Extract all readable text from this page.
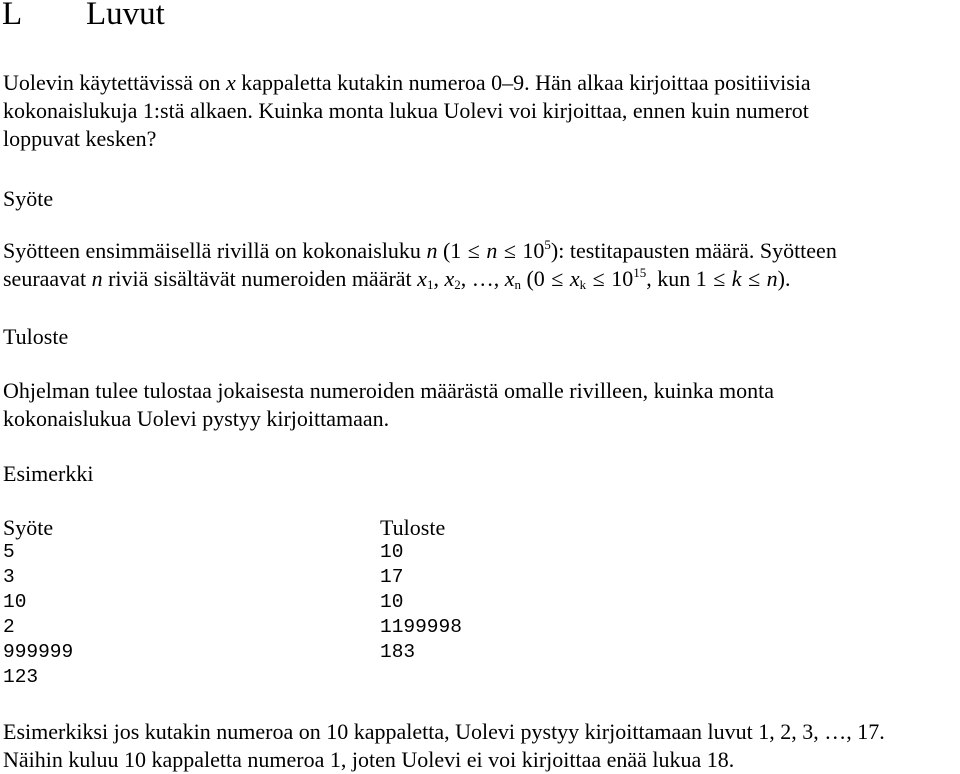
L Luvut
Uolevin käytettävissä on x kappaletta kutakin numeroa 0–9. Hän alkaa kirjoittaa positiivisia
kokonaislukuja 1:stä alkaen. Kuinka monta lukua Uolevi voi kirjoittaa, ennen kuin numerot
loppuvat kesken?
Syöte
Syötteen ensimmäisellä rivillä on kokonaisluku n $(1 \le n \le 10^5)$: testitapausten määrä. Syötteen
seuraavat n riviä sisältävät numeroiden määrät $x_1$, $x_2$, …, $x_n$ ($0 \le x_k \le 10^{15}$, kun 1 ≤ k ≤ n).
Tuloste
Ohjelman tulee tulostaa jokaisesta numeroiden määrästä omalle rivilleen, kuinka monta
kokonaislukua Uolevi pystyy kirjoittamaan.
Esimerkki
Syöte
5
3
10
2
999999
123
Tuloste
10
17
10
1199998
183
Esimerkiksi jos kutakin numeroa on 10 kappaletta, Uolevi pystyy kirjoittamaan luvut 1, 2, 3, …, 17.
Näihin kuluu 10 kappaletta numeroa 1, joten Uolevi ei voi kirjoittaa enää lukua 18.
